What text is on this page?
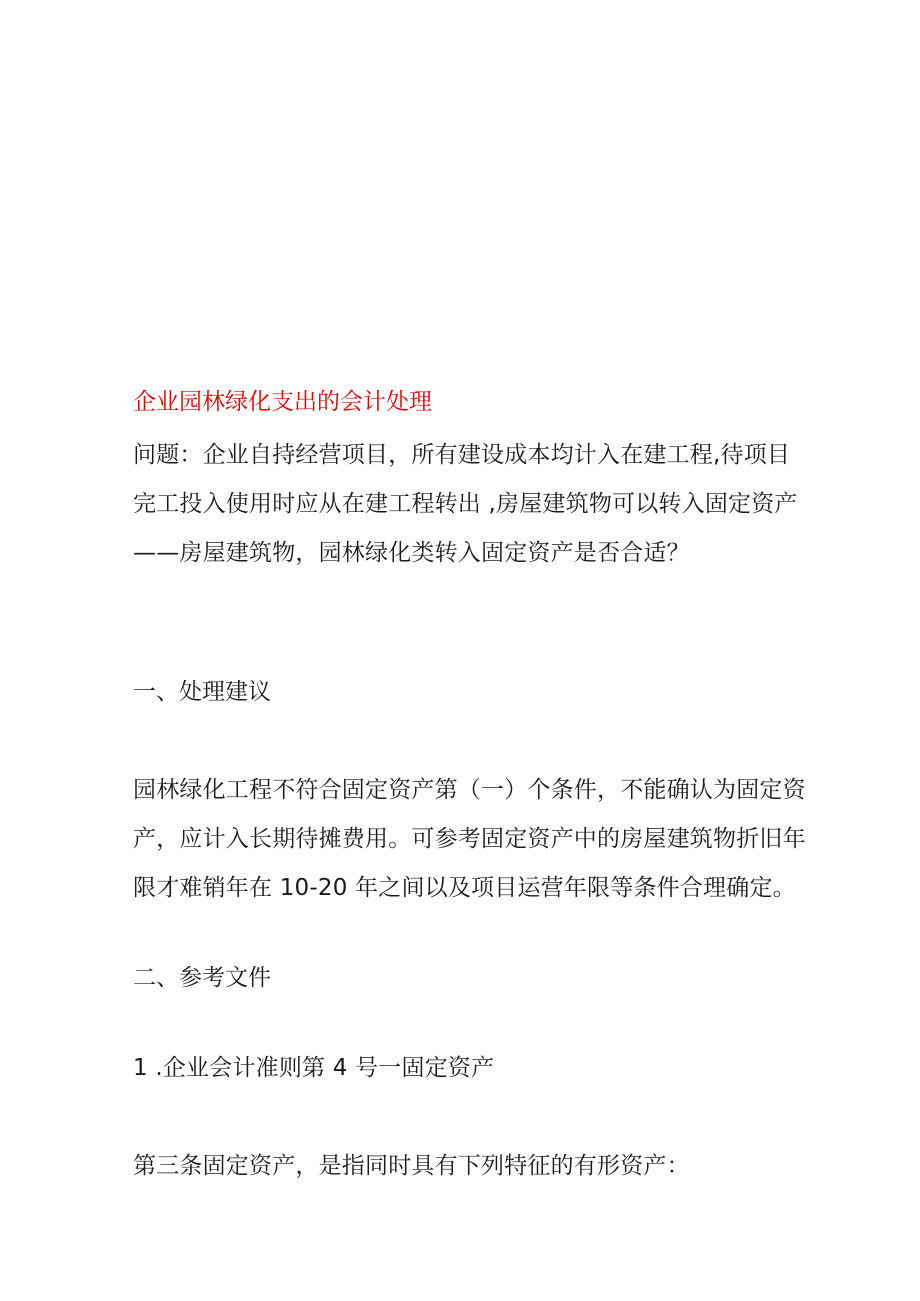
企业园林绿化支出的会计处理
问题：企业自持经营项目，所有建设成本均计入在建工程,待项目
完工投入使用时应从在建工程转出 ,房屋建筑物可以转入固定资产
——房屋建筑物，园林绿化类转入固定资产是否合适？
一、处理建议
园林绿化工程不符合固定资产第（一）个条件，不能确认为固定资
产，应计入长期待摊费用。可参考固定资产中的房屋建筑物折旧年
限才难销年在 10-20 年之间以及项目运营年限等条件合理确定。
二、参考文件
1 .企业会计准则第 4 号一固定资产
第三条固定资产，是指同时具有下列特征的有形资产：
